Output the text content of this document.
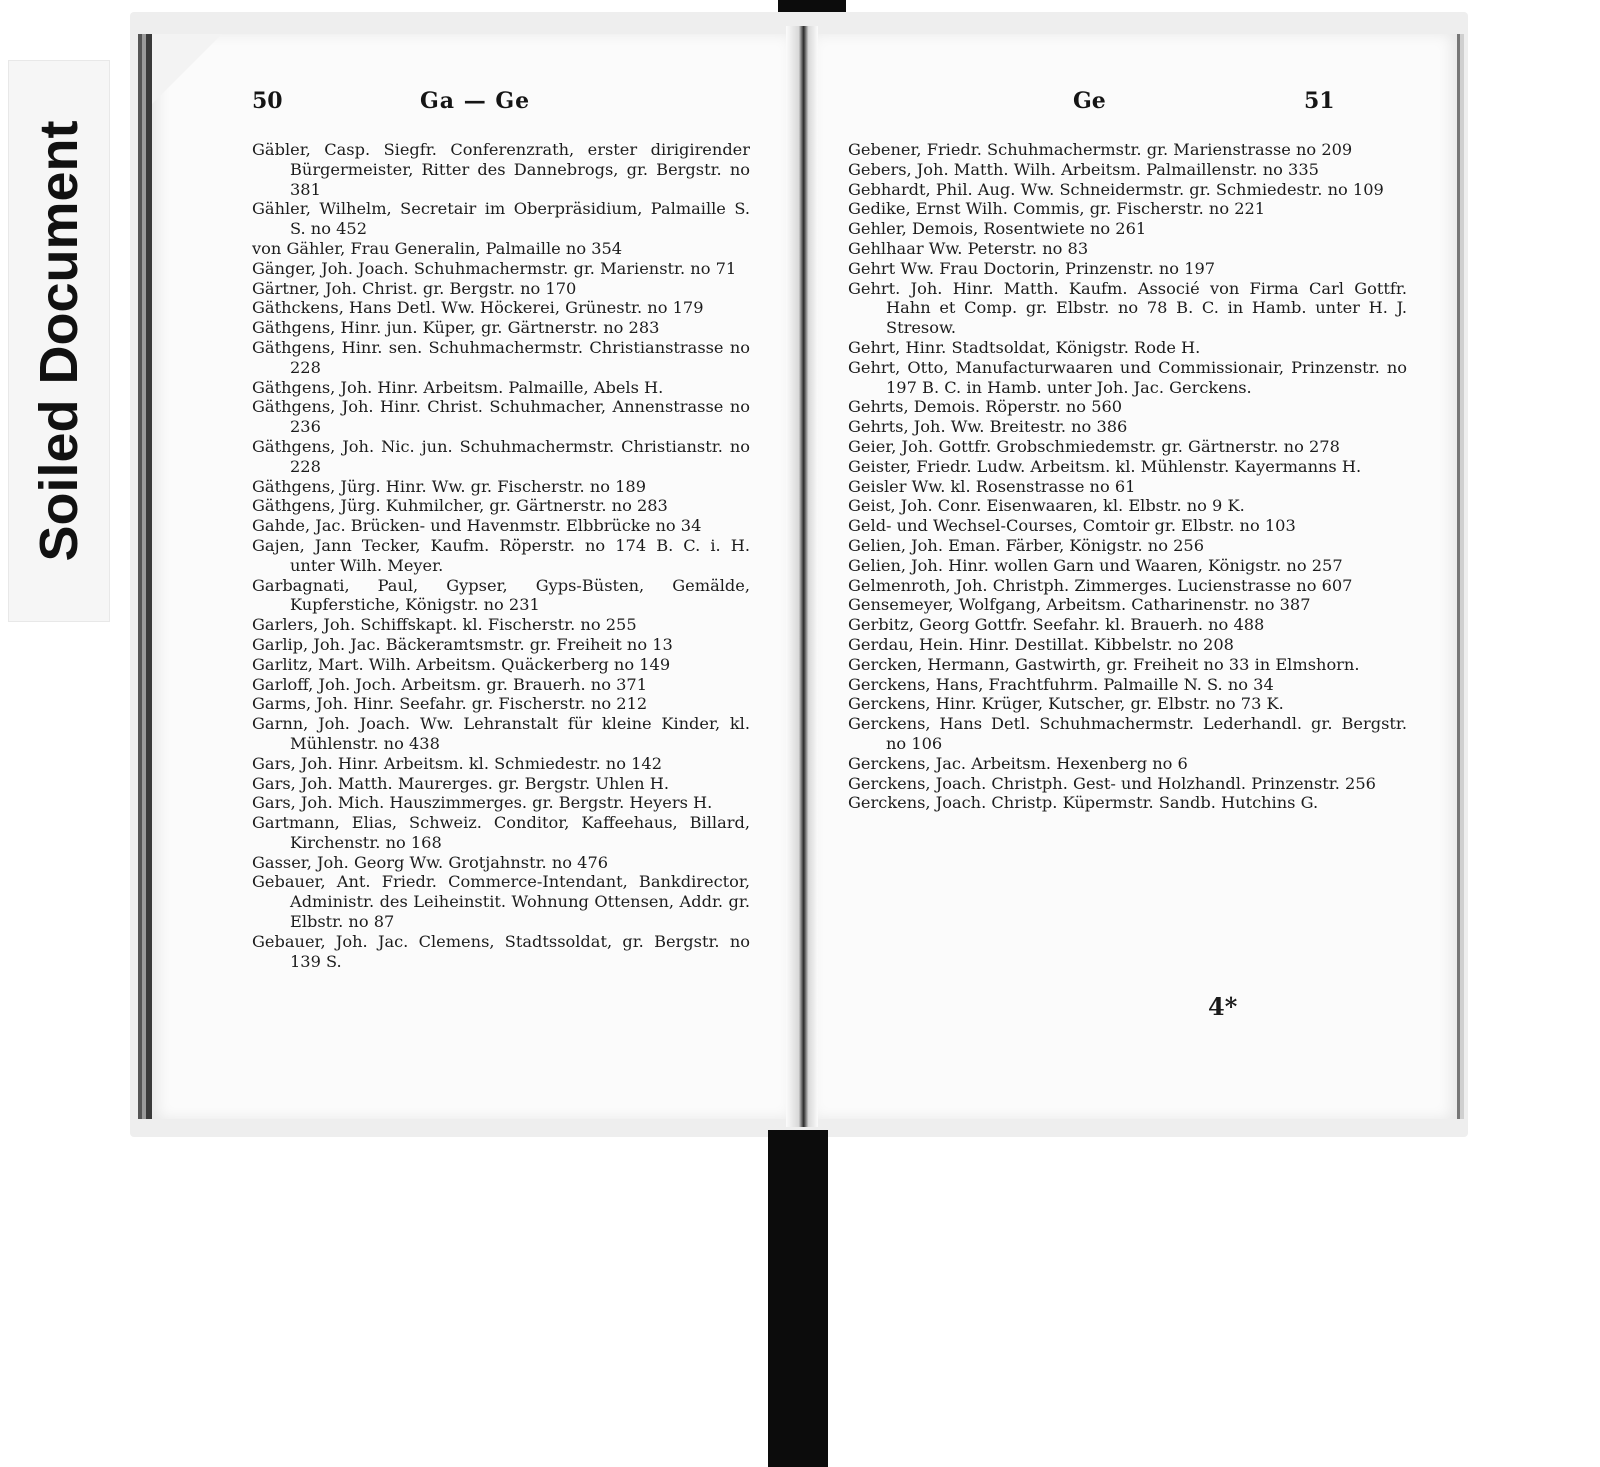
Soiled Document
50	Ga — Ge
Gäbler, Casp. Siegfr. Conferenzrath, erster dirigirender Bürgermeister, Ritter des Dannebrogs, gr. Bergstr. no 381
Gähler, Wilhelm, Secretair im Oberpräsidium, Palmaille S. S. no 452
von Gähler, Frau Generalin, Palmaille no 354
Gänger, Joh. Joach. Schuhmachermstr. gr. Marienstr. no 71
Gärtner, Joh. Christ. gr. Bergstr. no 170
Gäthckens, Hans Detl. Ww. Höckerei, Grünestr. no 179
Gäthgens, Hinr. jun. Küper, gr. Gärtnerstr. no 283
Gäthgens, Hinr. sen. Schuhmachermstr. Christianstrasse no 228
Gäthgens, Joh. Hinr. Arbeitsm. Palmaille, Abels H.
Gäthgens, Joh. Hinr. Christ. Schuhmacher, Annenstrasse no 236
Gäthgens, Joh. Nic. jun. Schuhmachermstr. Christianstr. no 228
Gäthgens, Jürg. Hinr. Ww. gr. Fischerstr. no 189
Gäthgens, Jürg. Kuhmilcher, gr. Gärtnerstr. no 283
Gahde, Jac. Brücken- und Havenmstr. Elbbrücke no 34
Gajen, Jann Tecker, Kaufm. Röperstr. no 174 B. C. i. H. unter Wilh. Meyer.
Garbagnati, Paul, Gypser, Gyps-Büsten, Gemälde, Kupferstiche, Königstr. no 231
Garlers, Joh. Schiffskapt. kl. Fischerstr. no 255
Garlip, Joh. Jac. Bäckeramtsmstr. gr. Freiheit no 13
Garlitz, Mart. Wilh. Arbeitsm. Quäckerberg no 149
Garloff, Joh. Joch. Arbeitsm. gr. Brauerh. no 371
Garms, Joh. Hinr. Seefahr. gr. Fischerstr. no 212
Garnn, Joh. Joach. Ww. Lehranstalt für kleine Kinder, kl. Mühlenstr. no 438
Gars, Joh. Hinr. Arbeitsm. kl. Schmiedestr. no 142
Gars, Joh. Matth. Maurerges. gr. Bergstr. Uhlen H.
Gars, Joh. Mich. Hauszimmerges. gr. Bergstr. Heyers H.
Gartmann, Elias, Schweiz. Conditor, Kaffeehaus, Billard, Kirchenstr. no 168
Gasser, Joh. Georg Ww. Grotjahnstr. no 476
Gebauer, Ant. Friedr. Commerce-Intendant, Bankdirector, Administr. des Leiheinstit. Wohnung Ottensen, Addr. gr. Elbstr. no 87
Gebauer, Joh. Jac. Clemens, Stadtssoldat, gr. Bergstr. no 139 S.
Ge	51
Gebener, Friedr. Schuhmachermstr. gr. Marienstrasse no 209
Gebers, Joh. Matth. Wilh. Arbeitsm. Palmaillenstr. no 335
Gebhardt, Phil. Aug. Ww. Schneidermstr. gr. Schmiedestr. no 109
Gedike, Ernst Wilh. Commis, gr. Fischerstr. no 221
Gehler, Demois, Rosentwiete no 261
Gehlhaar Ww. Peterstr. no 83
Gehrt Ww. Frau Doctorin, Prinzenstr. no 197
Gehrt. Joh. Hinr. Matth. Kaufm. Associé von Firma Carl Gottfr. Hahn et Comp. gr. Elbstr. no 78 B. C. in Hamb. unter H. J. Stresow.
Gehrt, Hinr. Stadtsoldat, Königstr. Rode H.
Gehrt, Otto, Manufacturwaaren und Commissionair, Prinzenstr. no 197 B. C. in Hamb. unter Joh. Jac. Gerckens.
Gehrts, Demois. Röperstr. no 560
Gehrts, Joh. Ww. Breitestr. no 386
Geier, Joh. Gottfr. Grobschmiedemstr. gr. Gärtnerstr. no 278
Geister, Friedr. Ludw. Arbeitsm. kl. Mühlenstr. Kayermanns H.
Geisler Ww. kl. Rosenstrasse no 61
Geist, Joh. Conr. Eisenwaaren, kl. Elbstr. no 9 K.
Geld- und Wechsel-Courses, Comtoir gr. Elbstr. no 103
Gelien, Joh. Eman. Färber, Königstr. no 256
Gelien, Joh. Hinr. wollen Garn und Waaren, Königstr. no 257
Gelmenroth, Joh. Christph. Zimmerges. Lucienstrasse no 607
Gensemeyer, Wolfgang, Arbeitsm. Catharinenstr. no 387
Gerbitz, Georg Gottfr. Seefahr. kl. Brauerh. no 488
Gerdau, Hein. Hinr. Destillat. Kibbelstr. no 208
Gercken, Hermann, Gastwirth, gr. Freiheit no 33 in Elmshorn.
Gerckens, Hans, Frachtfuhrm. Palmaille N. S. no 34
Gerckens, Hinr. Krüger, Kutscher, gr. Elbstr. no 73 K.
Gerckens, Hans Detl. Schuhmachermstr. Lederhandl. gr. Bergstr. no 106
Gerckens, Jac. Arbeitsm. Hexenberg no 6
Gerckens, Joach. Christph. Gest- und Holzhandl. Prinzenstr. 256
Gerckens, Joach. Christp. Küpermstr. Sandb. Hutchins G.
4*
